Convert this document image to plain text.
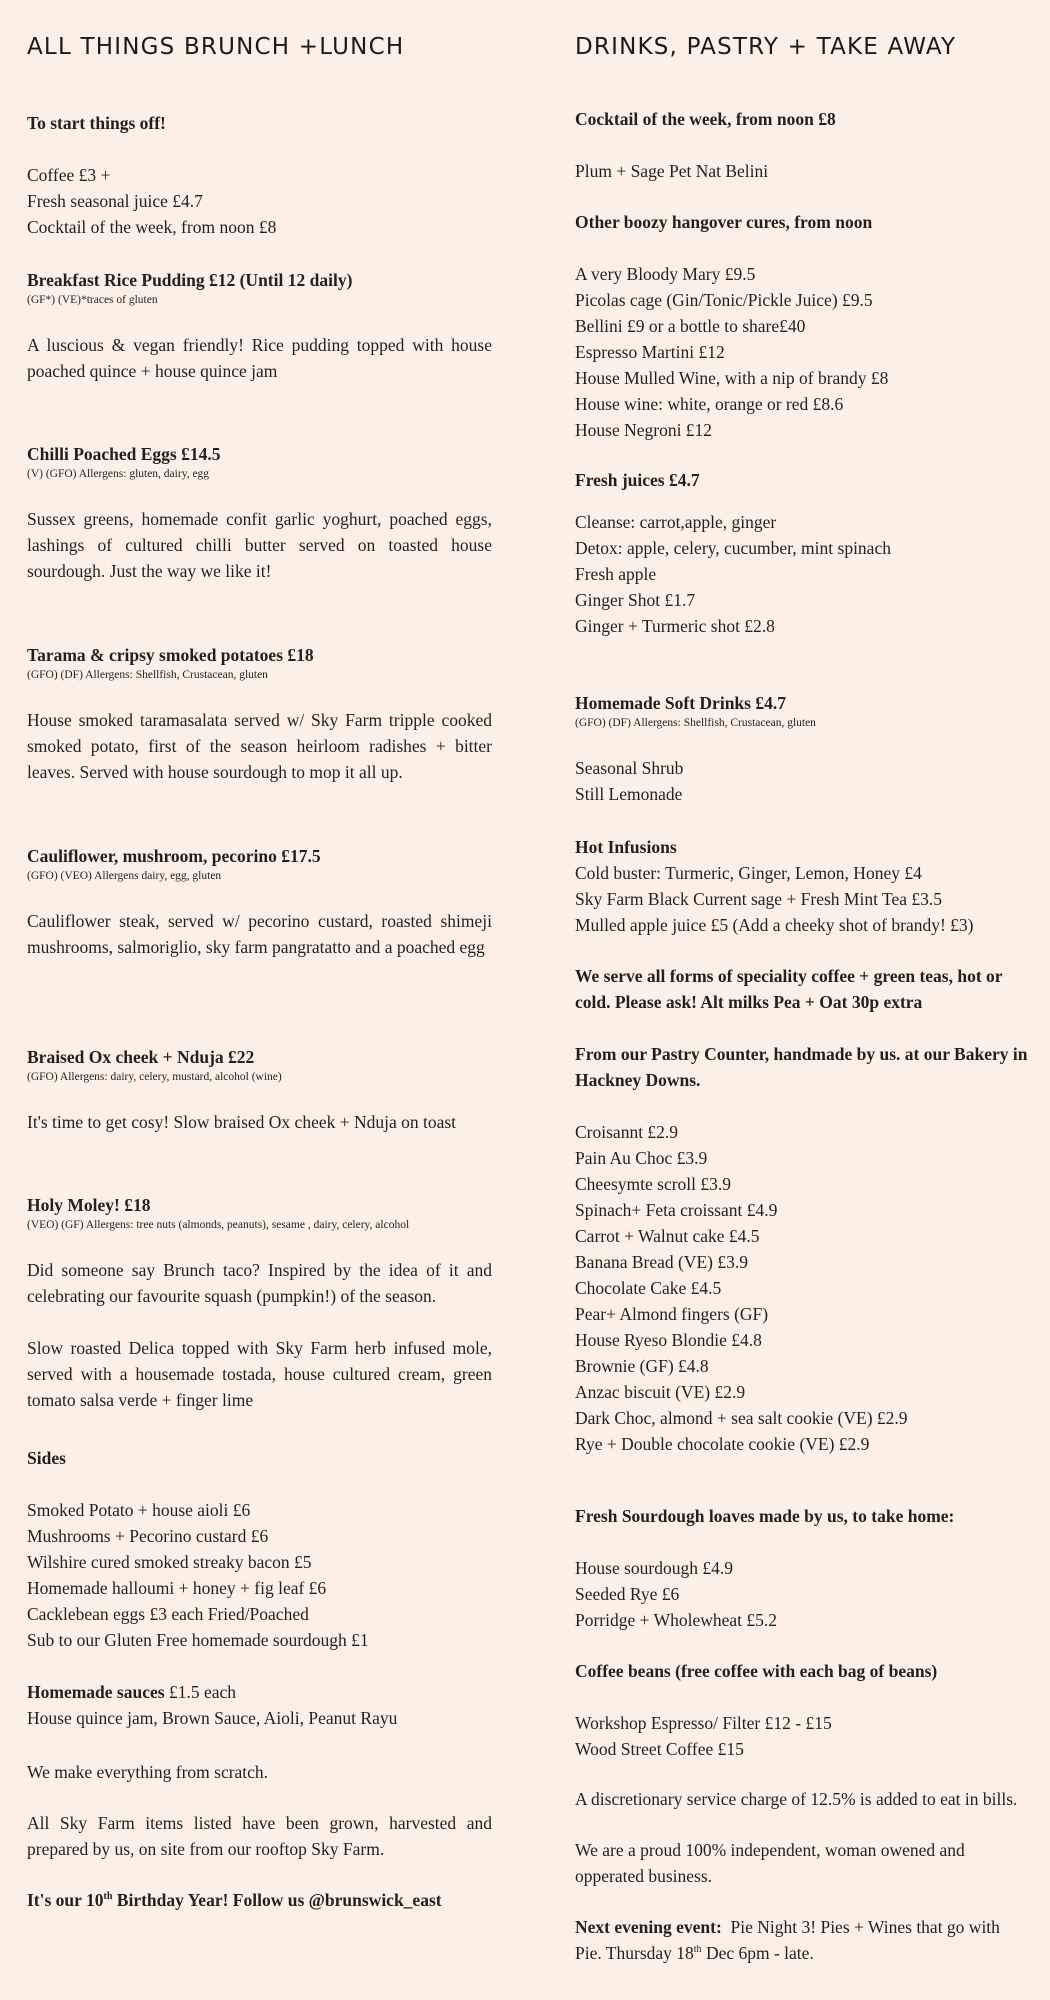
ALL THINGS BRUNCH +LUNCH
To start things off!
Coffee £3 +
Fresh seasonal juice £4.7
Cocktail of the week, from noon £8
Breakfast Rice Pudding £12 (Until 12 daily)
(GF*) (VE)*traces of gluten
A luscious & vegan friendly! Rice pudding topped with house poached quince + house quince jam
Chilli Poached Eggs £14.5
(V) (GFO) Allergens: gluten, dairy, egg
Sussex greens, homemade confit garlic yoghurt, poached eggs, lashings of cultured chilli butter served on toasted house sourdough. Just the way we like it!
Tarama & cripsy smoked potatoes £18
(GFO) (DF) Allergens: Shellfish, Crustacean, gluten
House smoked taramasalata served w/ Sky Farm tripple cooked smoked potato, first of the season heirloom radishes + bitter leaves. Served with house sourdough to mop it all up.
Cauliflower, mushroom, pecorino £17.5
(GFO) (VEO) Allergens dairy, egg, gluten
Cauliflower steak, served w/ pecorino custard, roasted shimeji mushrooms, salmoriglio, sky farm pangratatto and a poached egg
Braised Ox cheek + Nduja £22
(GFO) Allergens: dairy, celery, mustard, alcohol (wine)
It's time to get cosy! Slow braised Ox cheek + Nduja on toast
Holy Moley! £18
(VEO) (GF) Allergens: tree nuts (almonds, peanuts), sesame , dairy, celery, alcohol
Did someone say Brunch taco? Inspired by the idea of it and celebrating our favourite squash (pumpkin!) of the season.
Slow roasted Delica topped with Sky Farm herb infused mole, served with a housemade tostada, house cultured cream, green tomato salsa verde + finger lime
Sides
Smoked Potato + house aioli £6
Mushrooms + Pecorino custard £6
Wilshire cured smoked streaky bacon £5
Homemade halloumi + honey + fig leaf £6
Cacklebean eggs £3 each Fried/Poached
Sub to our Gluten Free homemade sourdough £1
Homemade sauces £1.5 each
House quince jam, Brown Sauce, Aioli, Peanut Rayu
We make everything from scratch.
All Sky Farm items listed have been grown, harvested and prepared by us, on site from our rooftop Sky Farm.
It's our 10th Birthday Year! Follow us @brunswick_east
DRINKS, PASTRY + TAKE AWAY
Cocktail of the week, from noon £8
Plum + Sage Pet Nat Belini
Other boozy hangover cures, from noon
A very Bloody Mary £9.5
Picolas cage (Gin/Tonic/Pickle Juice) £9.5
Bellini £9 or a bottle to share£40
Espresso Martini £12
House Mulled Wine, with a nip of brandy £8
House wine: white, orange or red £8.6
House Negroni £12
Fresh juices £4.7
Cleanse: carrot,apple, ginger
Detox: apple, celery, cucumber, mint spinach
Fresh apple
Ginger Shot £1.7
Ginger + Turmeric shot £2.8
Homemade Soft Drinks £4.7
(GFO) (DF) Allergens: Shellfish, Crustacean, gluten
Seasonal Shrub
Still Lemonade
Hot Infusions
Cold buster: Turmeric, Ginger, Lemon, Honey £4
Sky Farm Black Current sage + Fresh Mint Tea £3.5
Mulled apple juice £5 (Add a cheeky shot of brandy! £3)
We serve all forms of speciality coffee + green teas, hot or cold. Please ask! Alt milks Pea + Oat 30p extra
From our Pastry Counter, handmade by us. at our Bakery in Hackney Downs.
Croisannt £2.9
Pain Au Choc £3.9
Cheesymte scroll £3.9
Spinach+ Feta croissant £4.9
Carrot + Walnut cake £4.5
Banana Bread (VE) £3.9
Chocolate Cake £4.5
Pear+ Almond fingers (GF)
House Ryeso Blondie £4.8
Brownie (GF) £4.8
Anzac biscuit (VE) £2.9
Dark Choc, almond + sea salt cookie (VE) £2.9
Rye + Double chocolate cookie (VE) £2.9
Fresh Sourdough loaves made by us, to take home:
House sourdough £4.9
Seeded Rye £6
Porridge + Wholewheat £5.2
Coffee beans (free coffee with each bag of beans)
Workshop Espresso/ Filter £12 - £15
Wood Street Coffee £15
A discretionary service charge of 12.5% is added to eat in bills.
We are a proud 100% independent, woman owened and opperated business.
Next evening event:  Pie Night 3! Pies + Wines that go with Pie. Thursday 18th Dec 6pm - late.
